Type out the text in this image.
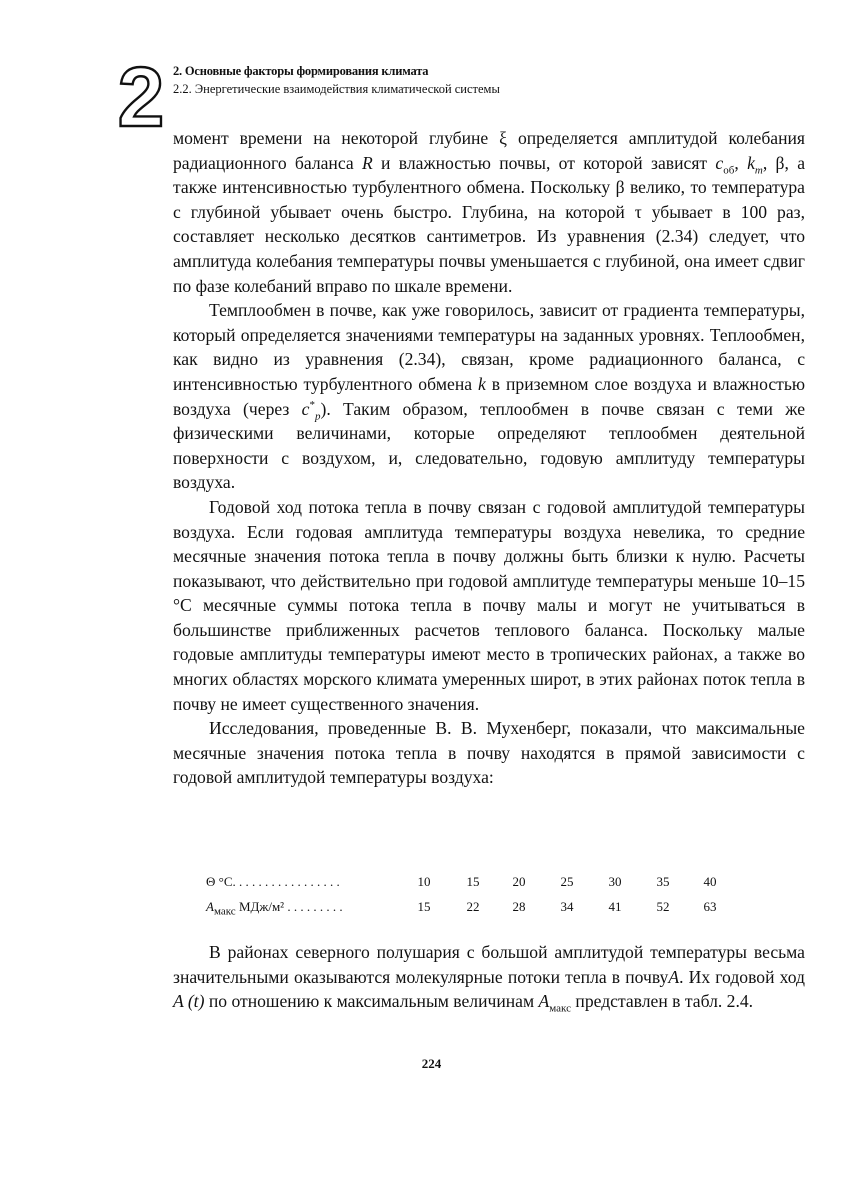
2 2. Основные факторы формирования климата
2.2. Энергетические взаимодействия климатической системы

момент времени на некоторой глубине ξ определяется амплитудой колебания радиационного баланса R и влажностью почвы, от которой зависят $c_{об}$, $k_m$, β, а также интенсивностью турбулентного обмена. Поскольку β велико, то температура с глубиной убывает очень быстро. Глубина, на которой τ убывает в 100 раз, составляет несколько десятков сантиметров. Из уравнения (2.34) следует, что амплитуда колебания температуры почвы уменьшается с глубиной, она имеет сдвиг по фазе колебаний вправо по шкале времени.

Темплообмен в почве, как уже говорилось, зависит от градиента температуры, который определяется значениями температуры на заданных уровнях. Теплообмен, как видно из уравнения (2.34), связан, кроме радиационного баланса, с интенсивностью турбулентного обмена k в приземном слое воздуха и влажностью воздуха (через $c^*_p$). Таким образом, теплообмен в почве связан с теми же физическими величинами, которые определяют теплообмен деятельной поверхности с воздухом, и, следовательно, годовую амплитуду температуры воздуха.

Годовой ход потока тепла в почву связан с годовой амплитудой температуры воздуха. Если годовая амплитуда температуры воздуха невелика, то средние месячные значения потока тепла в почву должны быть близки к нулю. Расчеты показывают, что действительно при годовой амплитуде температуры меньше 10–15 °С месячные суммы потока тепла в почву малы и могут не учитываться в большинстве приближенных расчетов теплового баланса. Поскольку малые годовые амплитуды температуры имеют место в тропических районах, а также во многих областях морского климата умеренных широт, в этих районах поток тепла в почву не имеет существенного значения.

Исследования, проведенные В. В. Мухенберг, показали, что максимальные месячные значения потока тепла в почву находятся в прямой зависимости с годовой амплитудой температуры воздуха:

Θ °С. . . . . . . . . . . . . . . . .	10	15	20	25	30	35	40
$A_{макс}$ МДж/м² . . . . . . . . .	15	22	28	34	41	52	63

В районах северного полушария с большой амплитудой температуры весьма значительными оказываются молекулярные потоки тепла в почвуA. Их годовой ход A (t) по отношению к максимальным величинам $A_{макс}$ представлен в табл. 2.4.

224
